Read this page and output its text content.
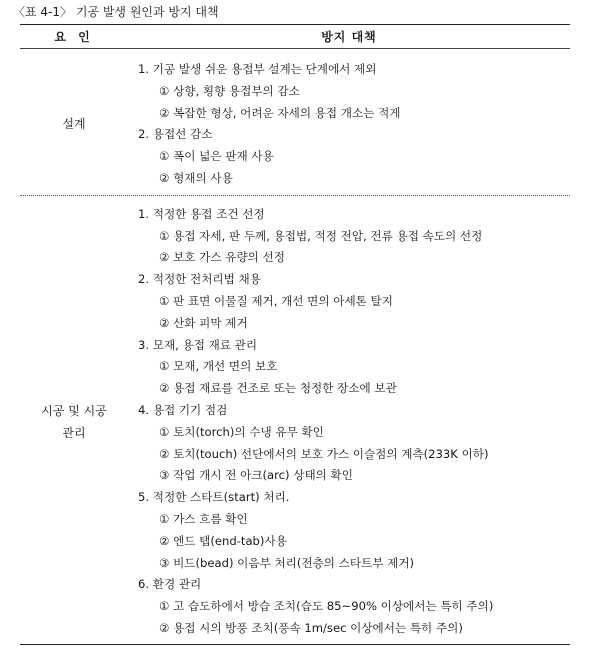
〈표 4-1〉 기공 발생 원인과 방지 대책
요 인	방지 대책
설계
1. 기공 발생 쉬운 용접부 설계는 단계에서 제외
① 상향, 횡향 용접부의 감소
② 복잡한 형상, 어려운 자세의 용접 개소는 적게
2. 용접선 감소
① 폭이 넓은 판재 사용
② 형재의 사용
시공 및 시공
관리
1. 적정한 용접 조건 선정
① 용접 자세, 판 두께, 용접법, 적정 전압, 전류 용접 속도의 선정
② 보호 가스 유량의 선정
2. 적정한 전처리법 채용
① 판 표면 이물질 제거, 개선 면의 아세톤 탈지
② 산화 피막 제거
3. 모재, 용접 재료 관리
① 모재, 개선 면의 보호
② 용접 재료를 건조로 또는 청정한 장소에 보관
4. 용접 기기 점검
① 토치(torch)의 수냉 유무 확인
② 토치(touch) 선단에서의 보호 가스 이슬점의 계측(233K 이하)
③ 작업 개시 전 아크(arc) 상태의 확인
5. 적정한 스타트(start) 처리.
① 가스 흐름 확인
② 엔드 탭(end-tab)사용
③ 비드(bead) 이음부 처리(전층의 스타트부 제거)
6. 환경 관리
① 고 습도하에서 방습 조치(습도 85~90% 이상에서는 특히 주의)
② 용접 시의 방풍 조치(풍속 1m/sec 이상에서는 특히 주의)
